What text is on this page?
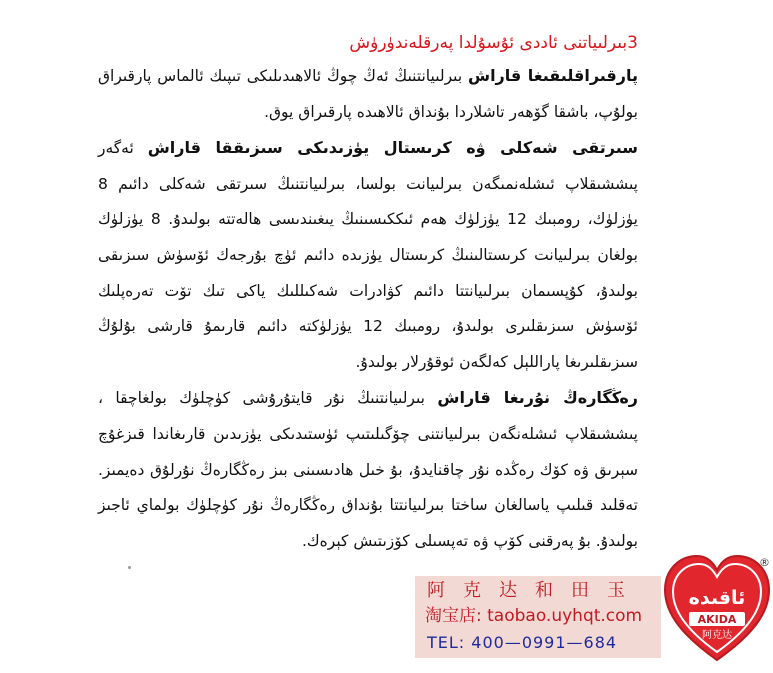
3بىرلىياتنى ئاددى ئۇسۇلدا پەرقلەندۈرۈش

پارقىراقلىقىغا قاراش بىرلىيانتنىڭ ئەڭ چوڭ ئالاھىدىلىكى تىپىك ئالماس پارقىراق بولۇپ، باشقا گۆھەر تاشلاردا بۇنداق ئالاھىدە پارقىراق يوق.

سىرتقى شەكلى ۋە كرىستال يۈزىدىكى سىزىققا قاراش ئەگەر پىششىقلاپ ئىشلەنمىگەن بىرلىيانت بولسا، بىرلىيانتنىڭ سىرتقى شەكلى دائىم 8 يۈزلۈك، رومبىك 12 يۈزلۈك ھەم ئىككىسىنىڭ يىغىندىسى ھالەتتە بولىدۇ. 8 يۈزلۈك بولغان بىرلىيانت كرىستالىنىڭ كرىستال يۈزىدە دائىم ئۈچ بۇرجەك ئۆسۈش سىزىقى بولىدۇ، كۇپسىمان بىرلىيانتتا دائىم كۋادرات شەكىللىك ياكى تىك تۆت تەرەپلىك ئۆسۈش سىزىقلىرى بولىدۇ، رومبىك 12 يۈزلۈكتە دائىم قارىمۇ قارشى بۇلۇڭ سىزىقلىرىغا پاراللېل كەلگەن ئوقۇرلار بولىدۇ.

رەڭگارەڭ نۇرىغا قاراش بىرلىيانتنىڭ نۇر قايتۇرۇشى كۈچلۈك بولغاچقا ، پىششىقلاپ ئىشلەنگەن بىرلىيانتنى چۆگىلىتىپ ئۈستىدىكى يۈزىدىن قارىغاندا قىزغۇچ سېرىق ۋە كۆك رەڭدە نۇر چاقنايدۇ، بۇ خىل ھادىسىنى بىز رەڭگارەڭ نۇرلۇق دەيمىز. تەقلىد قىلىپ ياسالغان ساختا بىرلىيانتتا بۇنداق رەڭگارەڭ نۇر كۈچلۈك بولماي ئاجىز بولىدۇ. بۇ پەرقنى كۆپ ۋە تەپسىلى كۆزىتىش كېرەك.

阿克达和田玉
淘宝店: taobao.uyhqt.com
TEL: 400—0991—684
ئاقىدە
AKIDA
阿克达
®
